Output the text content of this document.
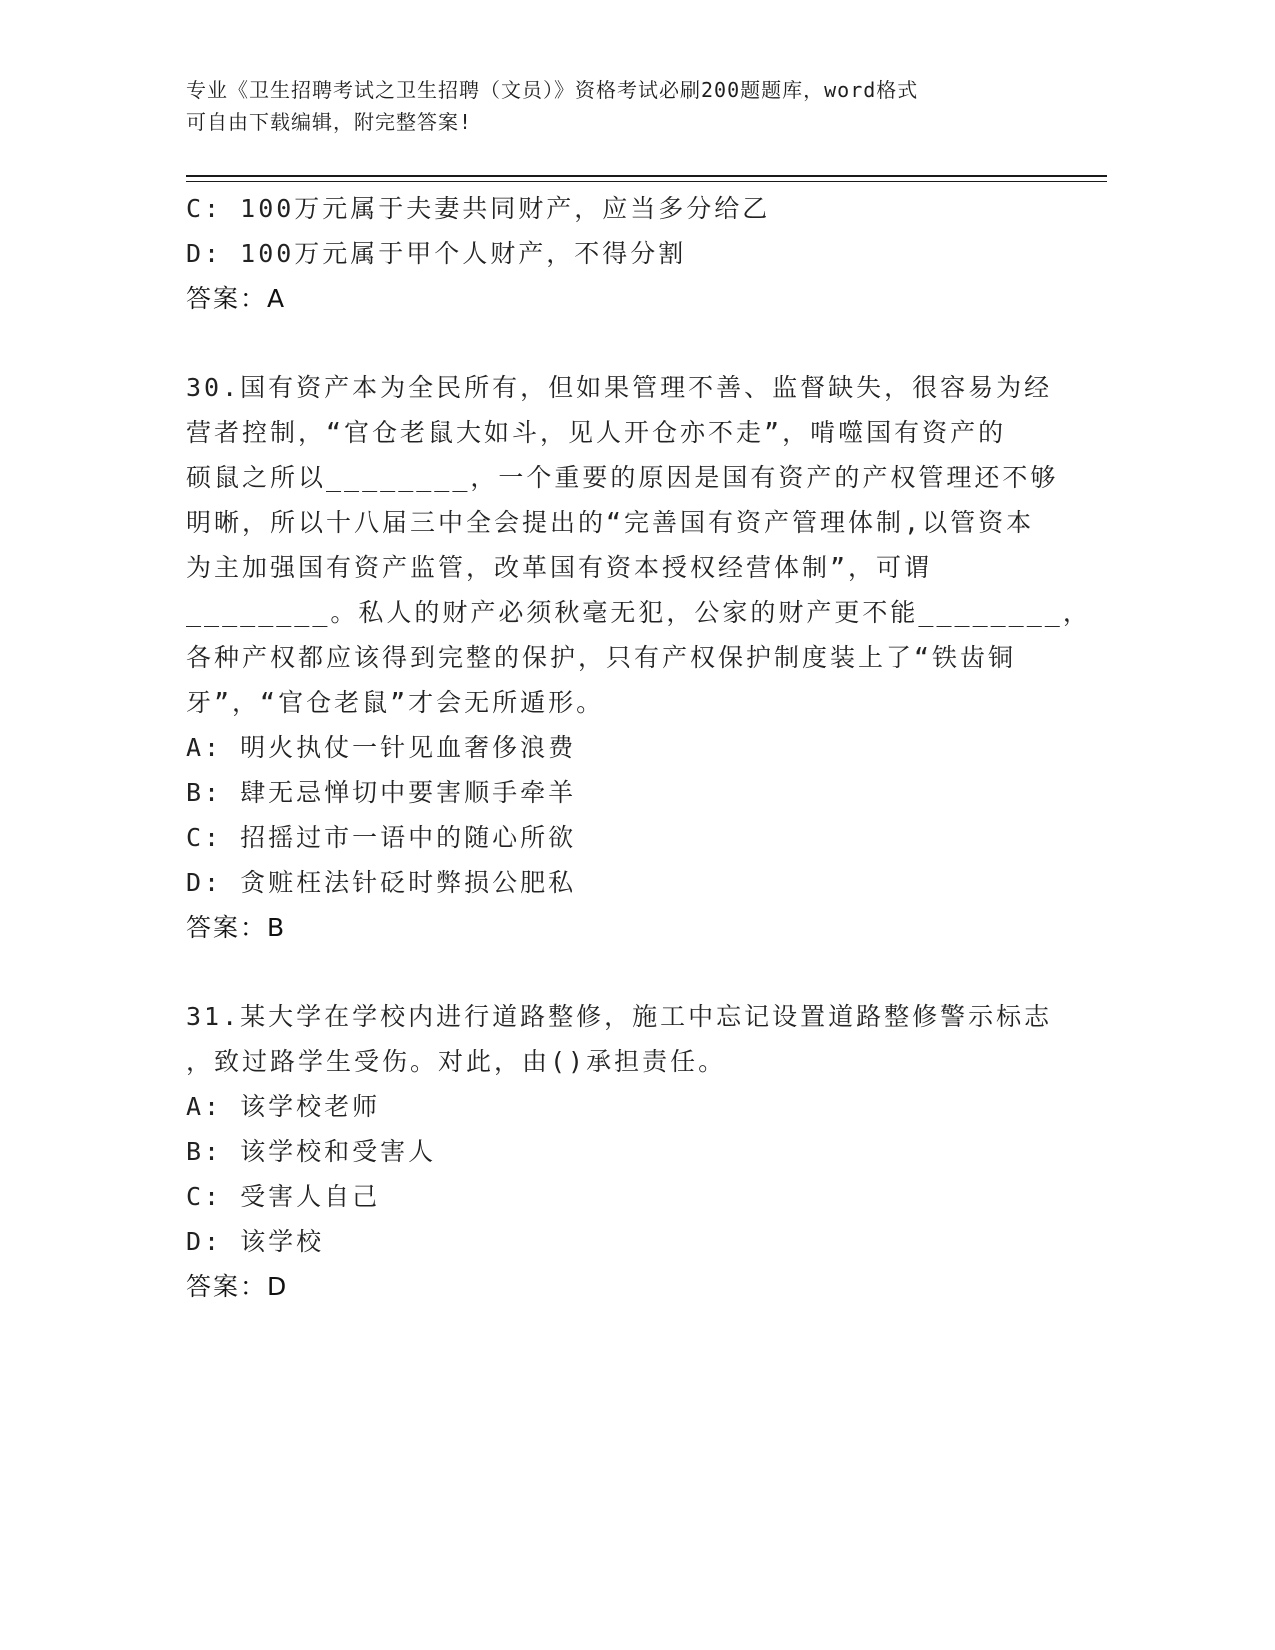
专业《卫生招聘考试之卫生招聘（文员）》资格考试必刷200题题库，word格式
可自由下载编辑，附完整答案!
C: 100万元属于夫妻共同财产，应当多分给乙
D: 100万元属于甲个人财产，不得分割
答案：A
30.国有资产本为全民所有，但如果管理不善、监督缺失，很容易为经
营者控制，“官仓老鼠大如斗，见人开仓亦不走”，啃噬国有资产的
硕鼠之所以________，一个重要的原因是国有资产的产权管理还不够
明晰，所以十八届三中全会提出的“完善国有资产管理体制,以管资本
为主加强国有资产监管，改革国有资本授权经营体制”，可谓
________。私人的财产必须秋毫无犯，公家的财产更不能________，
各种产权都应该得到完整的保护，只有产权保护制度装上了“铁齿铜
牙”，“官仓老鼠”才会无所遁形。
A: 明火执仗一针见血奢侈浪费
B: 肆无忌惮切中要害顺手牵羊
C: 招摇过市一语中的随心所欲
D: 贪赃枉法针砭时弊损公肥私
答案：B
31.某大学在学校内进行道路整修，施工中忘记设置道路整修警示标志
，致过路学生受伤。对此，由()承担责任。
A: 该学校老师
B: 该学校和受害人
C: 受害人自己
D: 该学校
答案：D
